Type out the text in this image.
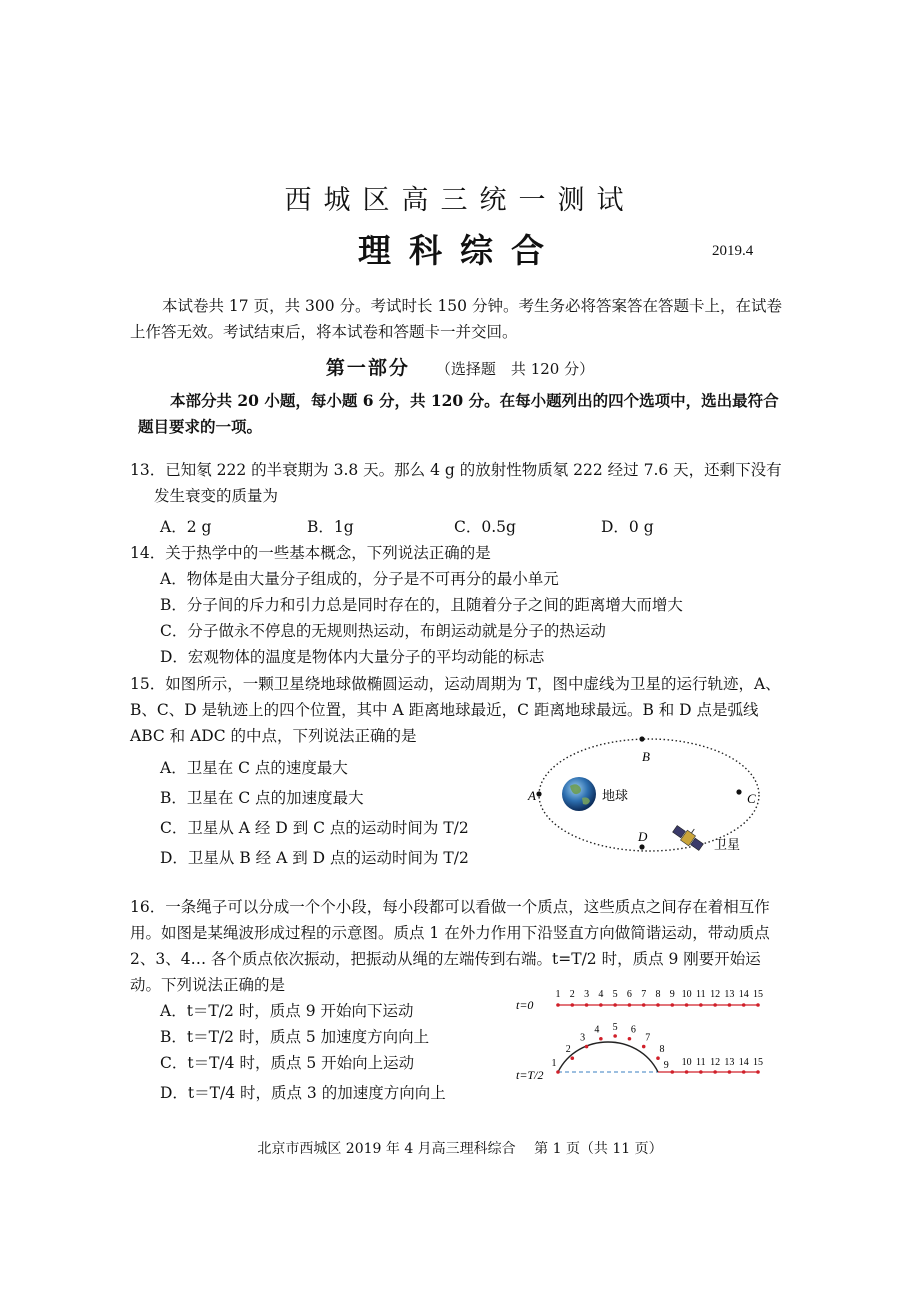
西城区高三统一测试
理科综合	2019.4
本试卷共 17 页，共 300 分。考试时长 150 分钟。考生务必将答案答在答题卡上，在试卷上作答无效。考试结束后，将本试卷和答题卡一并交回。
第一部分 （选择题　共 120 分）
本部分共 20 小题，每小题 6 分，共 120 分。在每小题列出的四个选项中，选出最符合题目要求的一项。
13．已知氡 222 的半衰期为 3.8 天。那么 4 g 的放射性物质氡 222 经过 7.6 天，还剩下没有发生衰变的质量为
A．2 g	B．1g	C．0.5g	D．0 g
14．关于热学中的一些基本概念，下列说法正确的是
A．物体是由大量分子组成的，分子是不可再分的最小单元
B．分子间的斥力和引力总是同时存在的，且随着分子之间的距离增大而增大
C．分子做永不停息的无规则热运动，布朗运动就是分子的热运动
D．宏观物体的温度是物体内大量分子的平均动能的标志
15．如图所示，一颗卫星绕地球做椭圆运动，运动周期为 T，图中虚线为卫星的运行轨迹，A、B、C、D 是轨迹上的四个位置，其中 A 距离地球最近，C 距离地球最远。B 和 D 点是弧线 ABC 和 ADC 的中点，下列说法正确的是
A．卫星在 C 点的速度最大
B．卫星在 C 点的加速度最大
C．卫星从 A 经 D 到 C 点的运动时间为 T/2
D．卫星从 B 经 A 到 D 点的运动时间为 T/2
地球
A
B
C
D
卫星
16．一条绳子可以分成一个个小段，每小段都可以看做一个质点，这些质点之间存在着相互作用。如图是某绳波形成过程的示意图。质点 1 在外力作用下沿竖直方向做简谐运动，带动质点 2、3、4… 各个质点依次振动，把振动从绳的左端传到右端。t=T/2 时，质点 9 刚要开始运动。下列说法正确的是
A．t＝T/2 时，质点 9 开始向下运动
B．t＝T/2 时，质点 5 加速度方向向上
C．t＝T/4 时，质点 5 开始向上运动
D．t＝T/4 时，质点 3 的加速度方向向上
t=0
1 2 3 4 5 6 7 8 9 10 11 12 13 14 15
t=T/2
1
2
3
4 5 6
7
8
9 10 11 12 13 14 15
北京市西城区 2019 年 4 月高三理科综合　 第 1 页（共 11 页）
